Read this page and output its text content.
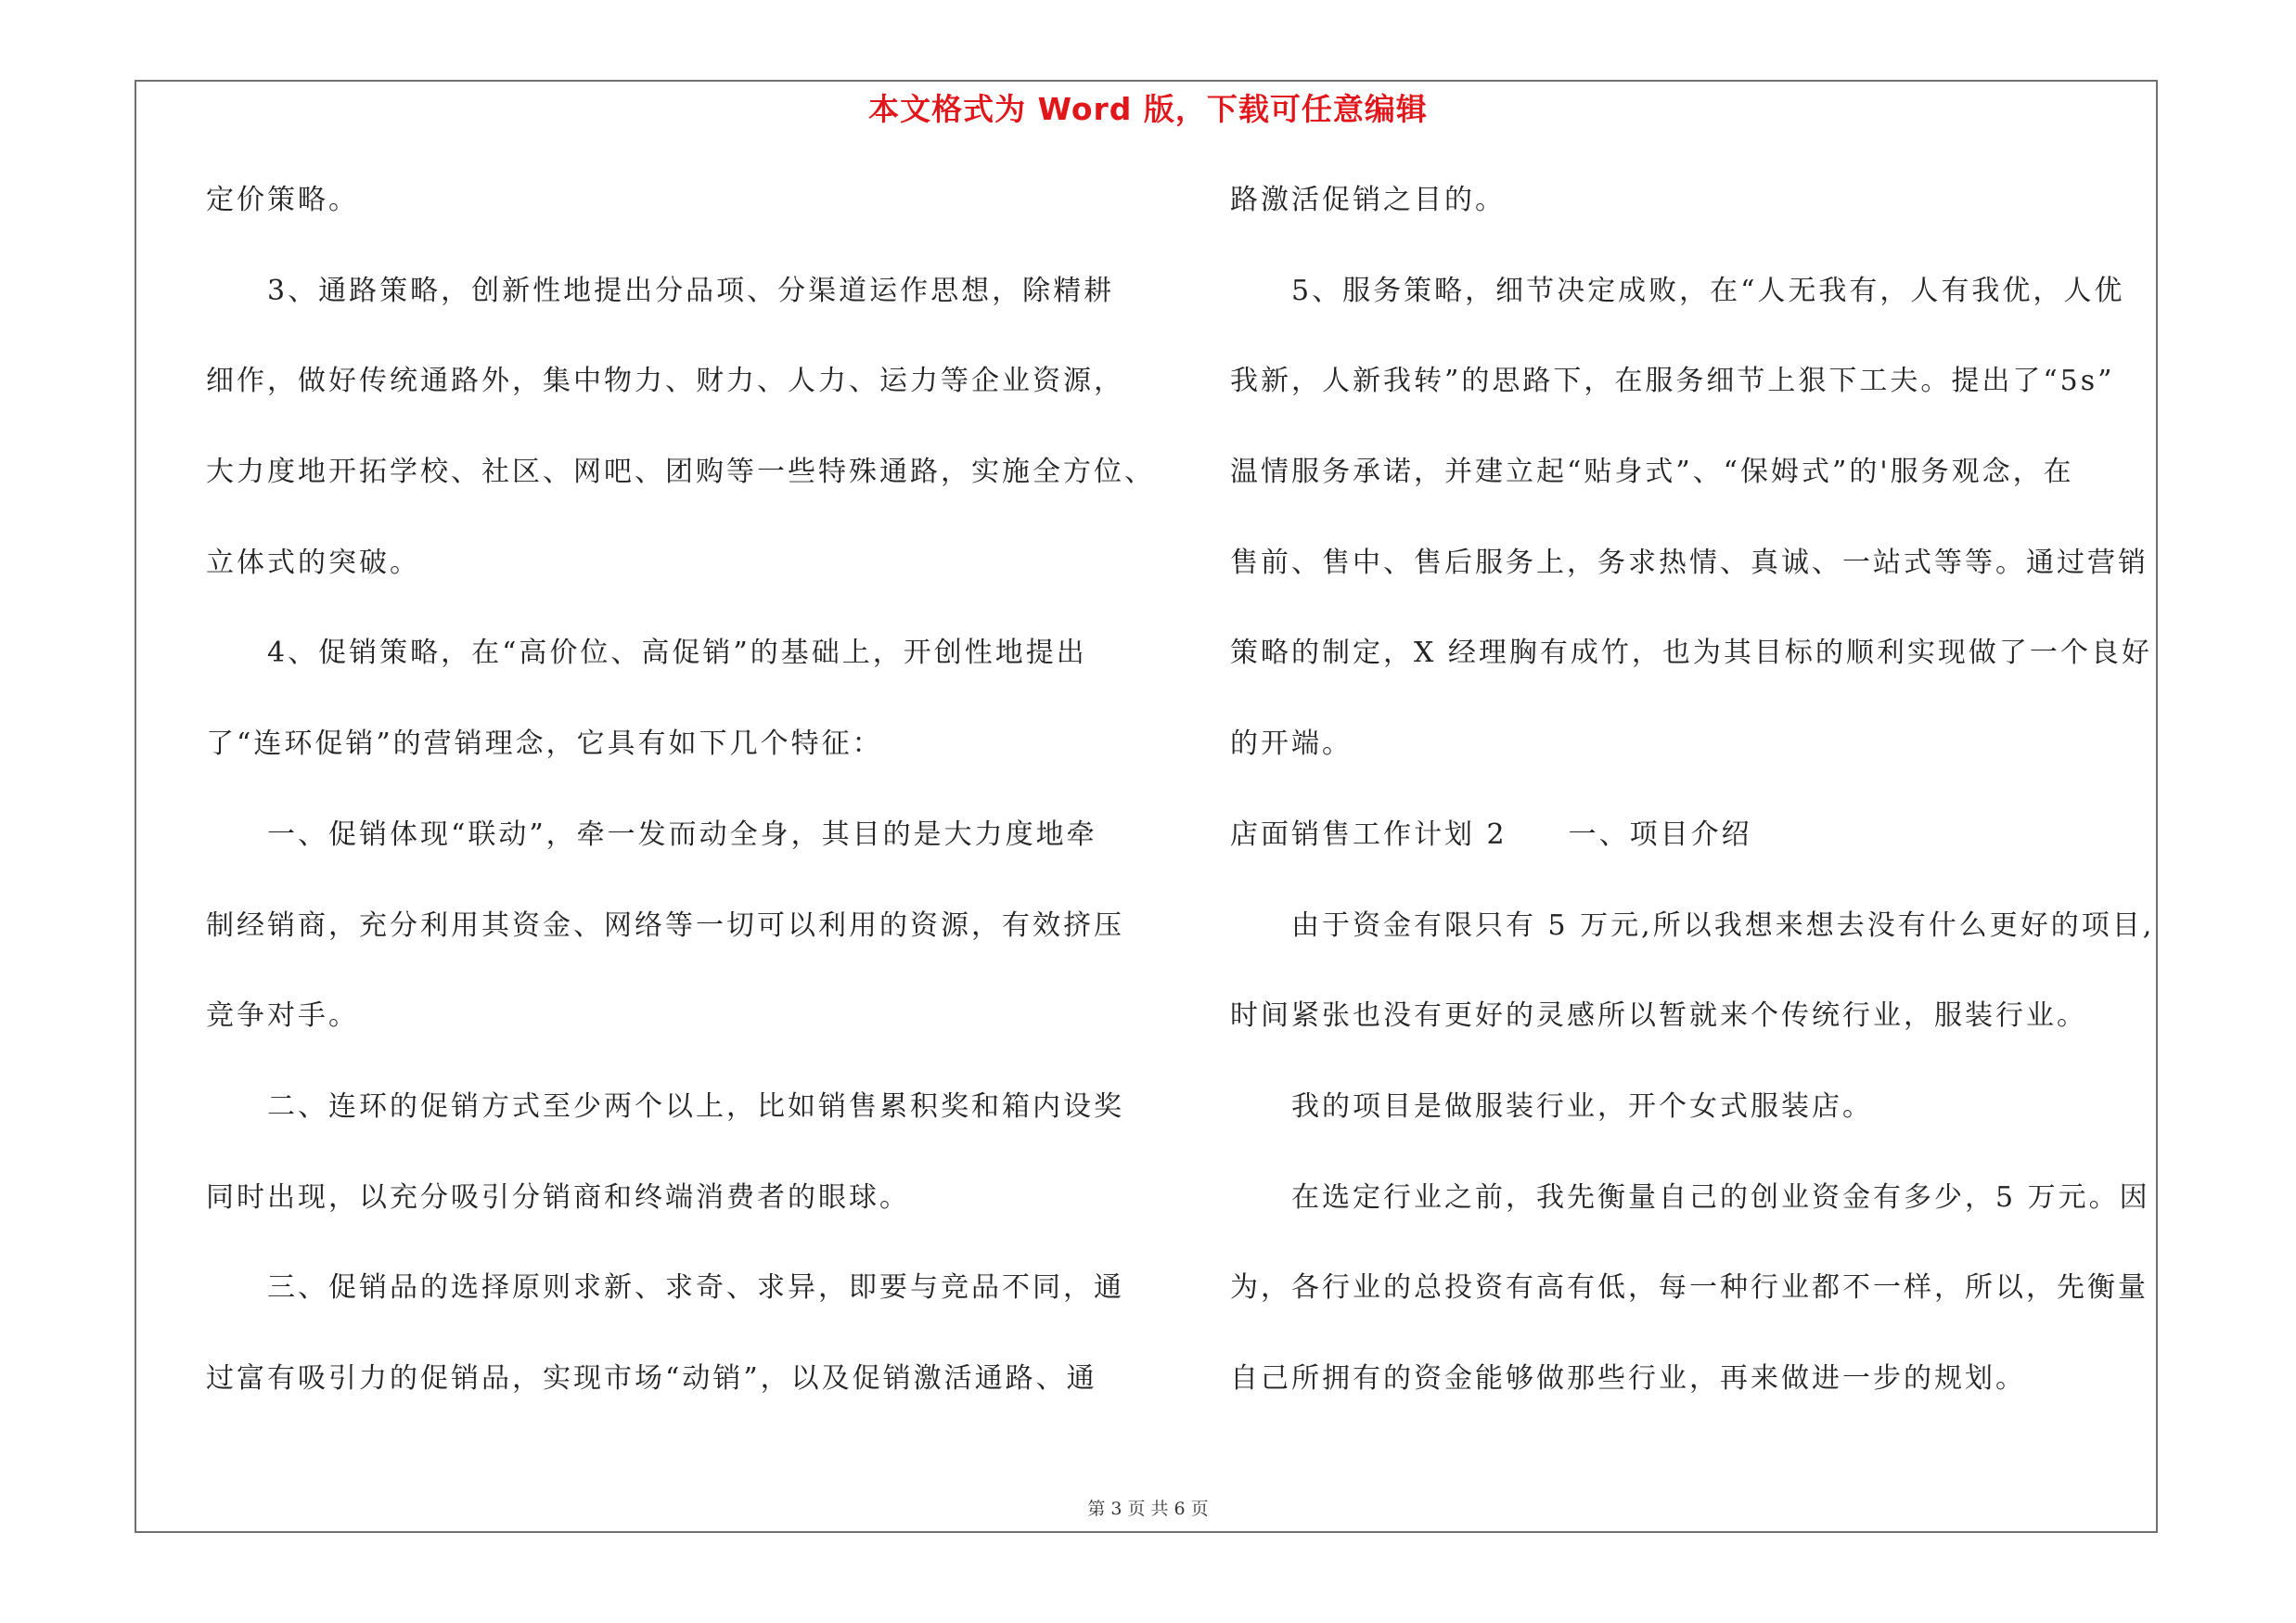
本文格式为 Word 版，下载可任意编辑
定价策略。
　　3、通路策略，创新性地提出分品项、分渠道运作思想，除精耕
细作，做好传统通路外，集中物力、财力、人力、运力等企业资源，
大力度地开拓学校、社区、网吧、团购等一些特殊通路，实施全方位、
立体式的突破。
　　4、促销策略，在“高价位、高促销”的基础上，开创性地提出
了“连环促销”的营销理念，它具有如下几个特征：
　　一、促销体现“联动”，牵一发而动全身，其目的是大力度地牵
制经销商，充分利用其资金、网络等一切可以利用的资源，有效挤压
竞争对手。
　　二、连环的促销方式至少两个以上，比如销售累积奖和箱内设奖
同时出现，以充分吸引分销商和终端消费者的眼球。
　　三、促销品的选择原则求新、求奇、求异，即要与竞品不同，通
过富有吸引力的促销品，实现市场“动销”，以及促销激活通路、通
路激活促销之目的。
　　5、服务策略，细节决定成败，在“人无我有，人有我优，人优
我新，人新我转”的思路下，在服务细节上狠下工夫。提出了“5s”
温情服务承诺，并建立起“贴身式”、“保姆式”的'服务观念，在
售前、售中、售后服务上，务求热情、真诚、一站式等等。通过营销
策略的制定，X 经理胸有成竹，也为其目标的顺利实现做了一个良好
的开端。
店面销售工作计划 2　　一、项目介绍
　　由于资金有限只有 5 万元,所以我想来想去没有什么更好的项目,
时间紧张也没有更好的灵感所以暂就来个传统行业，服装行业。
　　我的项目是做服装行业，开个女式服装店。
　　在选定行业之前，我先衡量自己的创业资金有多少，5 万元。因
为，各行业的总投资有高有低，每一种行业都不一样，所以，先衡量
自己所拥有的资金能够做那些行业，再来做进一步的规划。
第 3 页 共 6 页
